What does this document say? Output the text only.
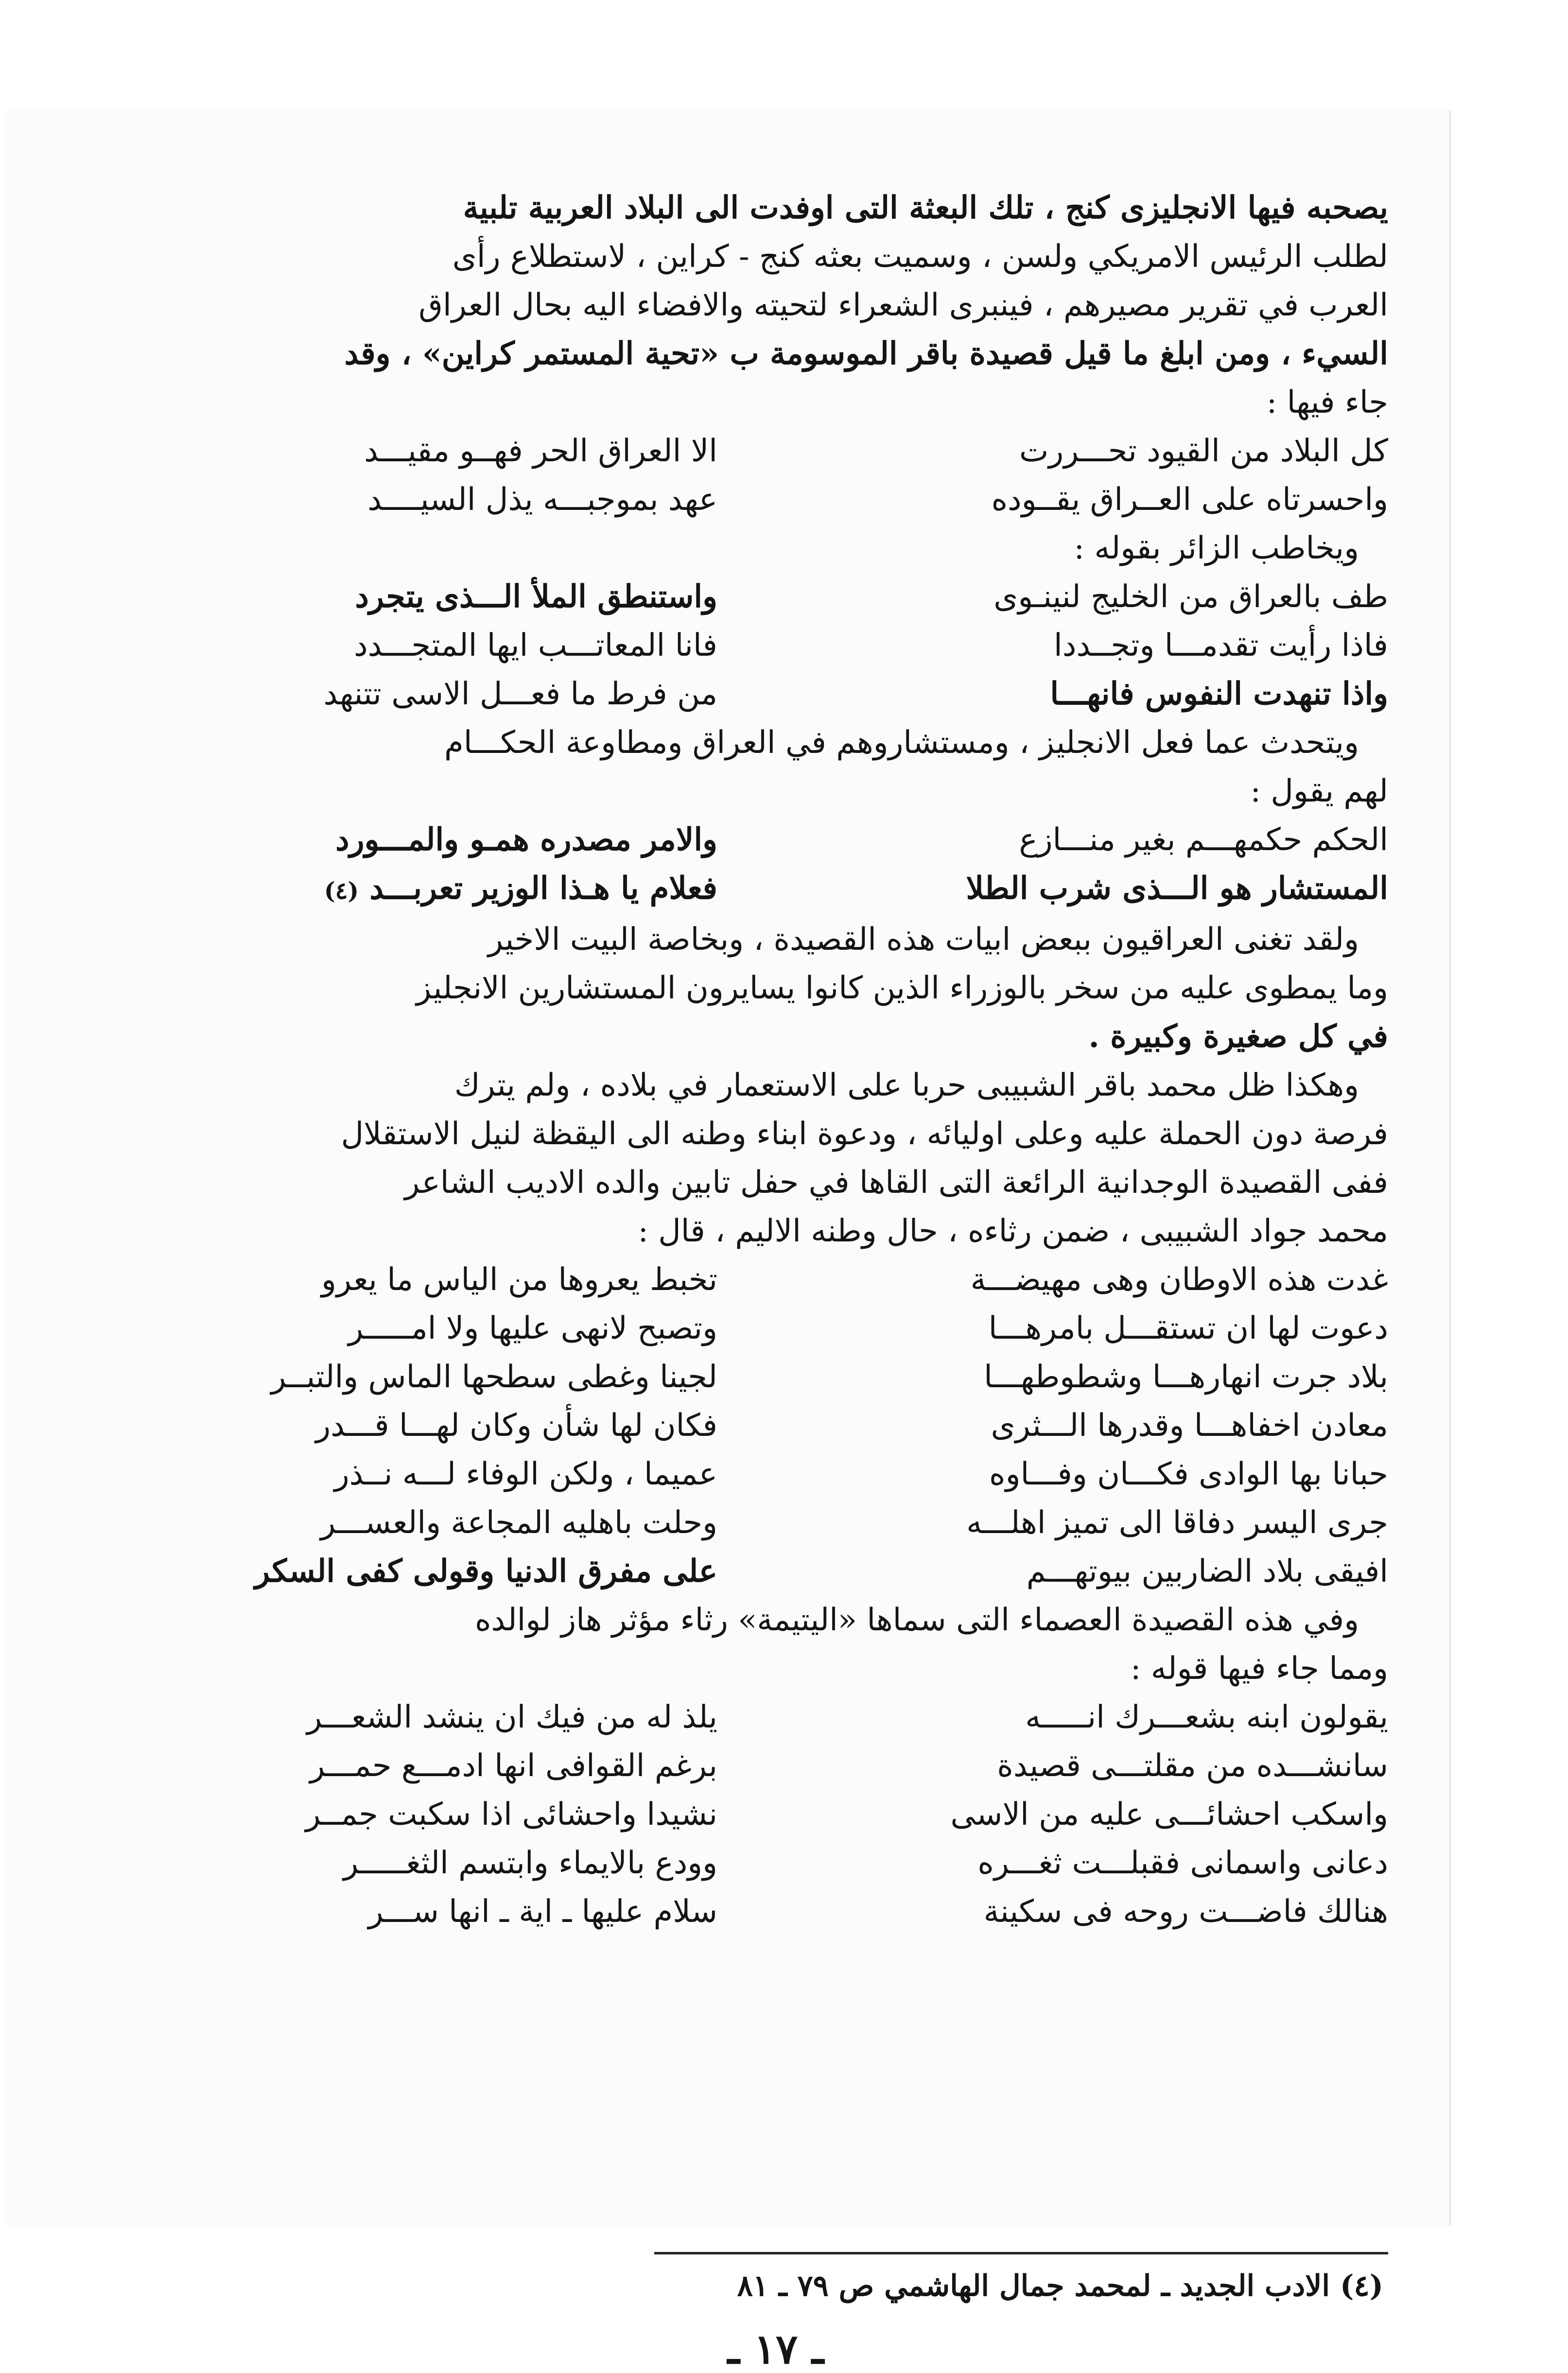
يصحبه فيها الانجليزى كنج ، تلك البعثة التى اوفدت الى البلاد العربية تلبية

لطلب الرئيس الامريكي ولسن ، وسميت بعثه كنج - كراين ، لاستطلاع رأى

العرب في تقرير مصيرهم ، فينبرى الشعراء لتحيته والافضاء اليه بحال العراق

السيء ، ومن ابلغ ما قيل قصيدة باقر الموسومة ب «تحية المستمر كراين» ، وقد

جاء فيها :

كل البلاد من القيود تحـــررت
الا العراق الحر فهــو مقيـــد
واحسرتاه على العــراق يقــوده
عهد بموجبـــه يذل السيــــد

ويخاطب الزائر بقوله :

طف بالعراق من الخليج لنينـوى
واستنطق الملأ الـــذى يتجرد
فاذا رأيت تقدمـــا وتجــددا
فانا المعاتـــب ايها المتجـــدد
واذا تنهدت النفوس فانهـــا
من فرط ما فعـــل الاسى تتنهد

ويتحدث عما فعل الانجليز ، ومستشاروهم في العراق ومطاوعة الحكـــام

لهم يقول :

الحكم حكمهـــم بغير منـــازع
والامر مصدره همـو والمـــورد
المستشار هو الـــذى شرب الطلا
فعلام يا هـذا الوزير تعربـــد (٤)

ولقد تغنى العراقيون ببعض ابيات هذه القصيدة ، وبخاصة البيت الاخير

وما يمطوى عليه من سخر بالوزراء الذين كانوا يسايرون المستشارين الانجليز

في كل صغيرة وكبيرة .

وهكذا ظل محمد باقر الشبيبى حربا على الاستعمار في بلاده ، ولم يترك

فرصة دون الحملة عليه وعلى اوليائه ، ودعوة ابناء وطنه الى اليقظة لنيل الاستقلال

ففى القصيدة الوجدانية الرائعة التى القاها في حفل تابين والده الاديب الشاعر

محمد جواد الشبيبى ، ضمن رثاءه ، حال وطنه الاليم ، قال :

غدت هذه الاوطان وهى مهيضـــة
تخبط يعروها من الياس ما يعرو
دعوت لها ان تستقـــل بامرهـــا
وتصبح لانهى عليها ولا امـــــر
بلاد جرت انهارهـــا وشطوطهـــا
لجينا وغطى سطحها الماس والتبــر
معادن اخفاهـــا وقدرها الـــثرى
فكان لها شأن وكان لهـــا قـــدر
حبانا بها الوادى فكـــان وفـــاوه
عميما ، ولكن الوفاء لـــه نــذر
جرى اليسر دفاقا الى تميز اهلـــه
وحلت باهليه المجاعة والعســـر
افيقى بلاد الضاربين بيوتهـــم
على مفرق الدنيا وقولى كفى السكر

وفي هذه القصيدة العصماء التى سماها «اليتيمة» رثاء مؤثر هاز لوالده

ومما جاء فيها قوله :

يقولون ابنه بشعـــرك انـــــه
يلذ له من فيك ان ينشد الشعـــر
سانشـــده من مقلتـــى قصيدة
برغم القوافى انها ادمـــع حمـــر
واسكب احشائـــى عليه من الاسى
نشيدا واحشائى اذا سكبت جمــر
دعانى واسمانى فقبلـــت ثغـــره
وودع بالايماء وابتسم الثغـــــر
هنالك فاضـــت روحه فى سكينة
سلام عليها ـ اية ـ انها ســـر
(٤) الادب الجديد ـ لمحمد جمال الهاشمي ص ٧٩ ـ ٨١
ـ ١٧ ـ
